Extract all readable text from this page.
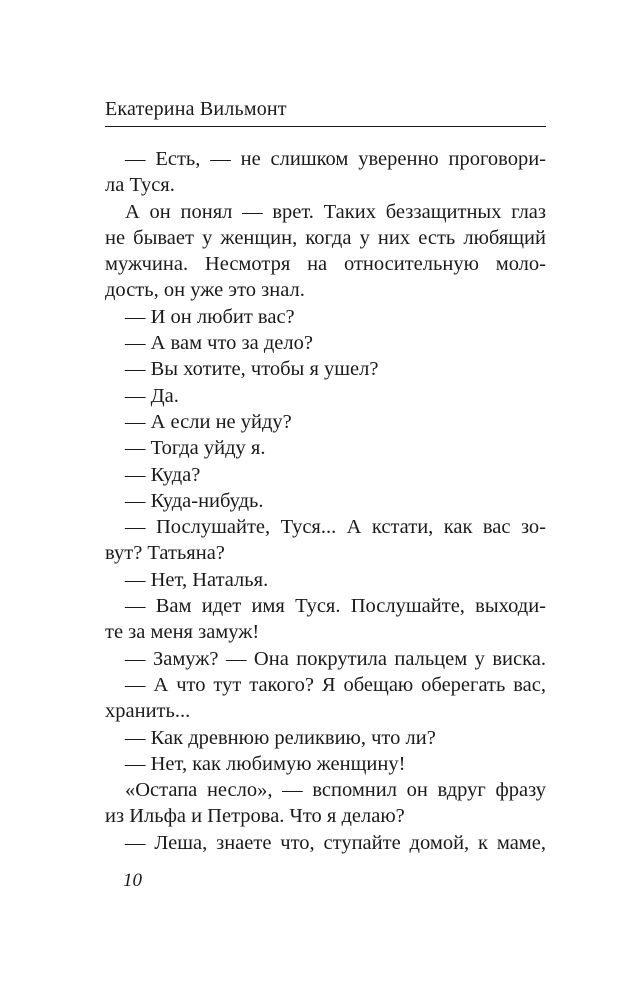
Екатерина Вильмонт
— Есть, — не слишком уверенно проговори-
ла Туся.
А он понял — врет. Таких беззащитных глаз
не бывает у женщин, когда у них есть любящий
мужчина. Несмотря на относительную моло-
дость, он уже это знал.
— И он любит вас?
— А вам что за дело?
— Вы хотите, чтобы я ушел?
— Да.
— А если не уйду?
— Тогда уйду я.
— Куда?
— Куда-нибудь.
— Послушайте, Туся... А кстати, как вас зо-
вут? Татьяна?
— Нет, Наталья.
— Вам идет имя Туся. Послушайте, выходи-
те за меня замуж!
— Замуж? — Она покрутила пальцем у виска.
— А что тут такого? Я обещаю оберегать вас,
хранить...
— Как древнюю реликвию, что ли?
— Нет, как любимую женщину!
«Остапа несло», — вспомнил он вдруг фразу
из Ильфа и Петрова. Что я делаю?
— Леша, знаете что, ступайте домой, к маме,
10
